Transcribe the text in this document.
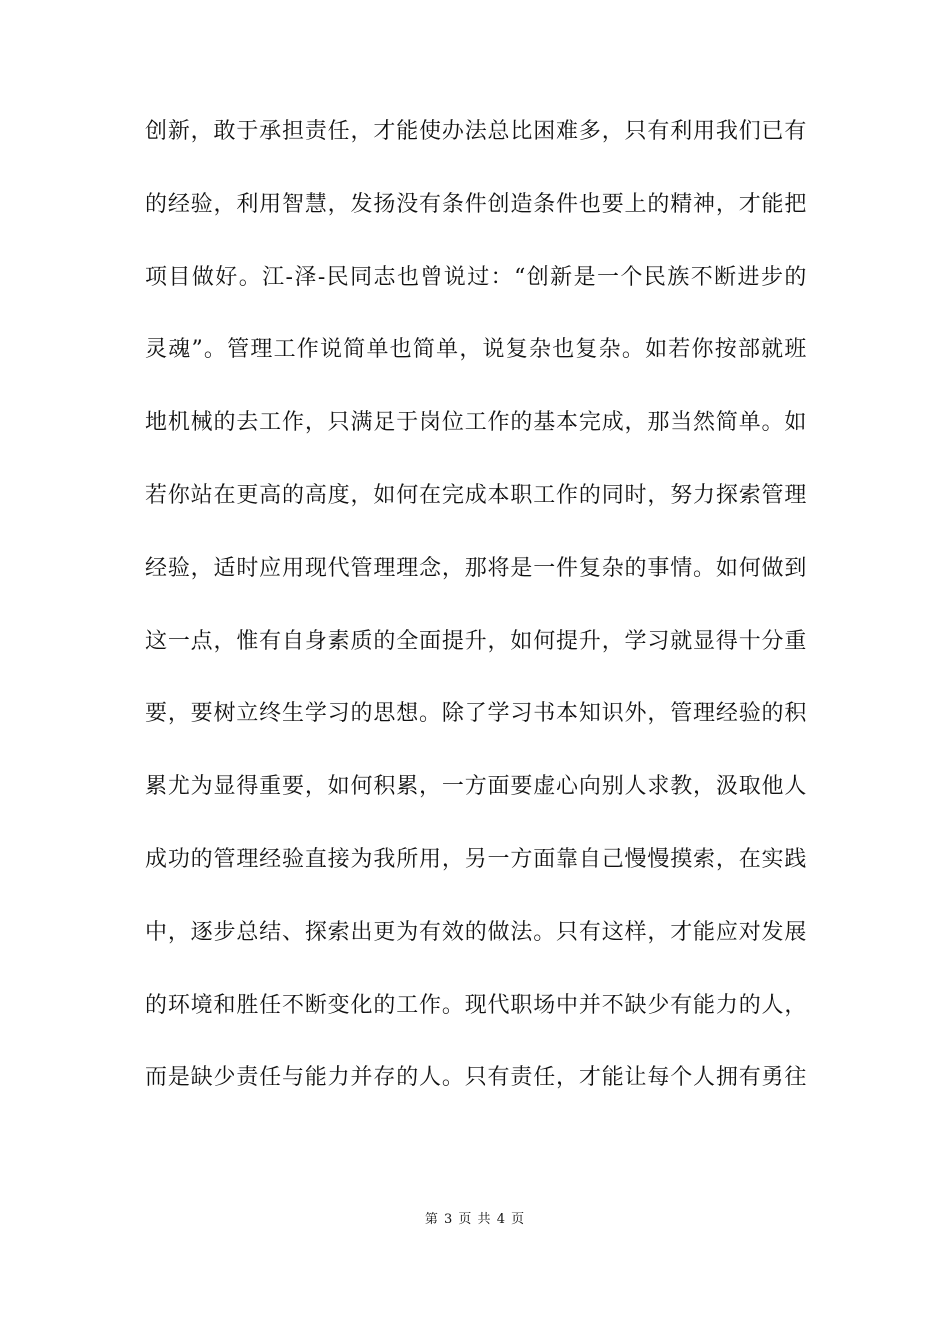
创新，敢于承担责任，才能使办法总比困难多，只有利用我们已有
的经验，利用智慧，发扬没有条件创造条件也要上的精神，才能把
项目做好。江-泽-民同志也曾说过：“创新是一个民族不断进步的
灵魂”。管理工作说简单也简单，说复杂也复杂。如若你按部就班
地机械的去工作，只满足于岗位工作的基本完成，那当然简单。如
若你站在更高的高度，如何在完成本职工作的同时，努力探索管理
经验，适时应用现代管理理念，那将是一件复杂的事情。如何做到
这一点，惟有自身素质的全面提升，如何提升，学习就显得十分重
要，要树立终生学习的思想。除了学习书本知识外，管理经验的积
累尤为显得重要，如何积累，一方面要虚心向别人求教，汲取他人
成功的管理经验直接为我所用，另一方面靠自己慢慢摸索，在实践
中，逐步总结、探索出更为有效的做法。只有这样，才能应对发展
的环境和胜任不断变化的工作。现代职场中并不缺少有能力的人，
而是缺少责任与能力并存的人。只有责任，才能让每个人拥有勇往
第 3 页 共 4 页
